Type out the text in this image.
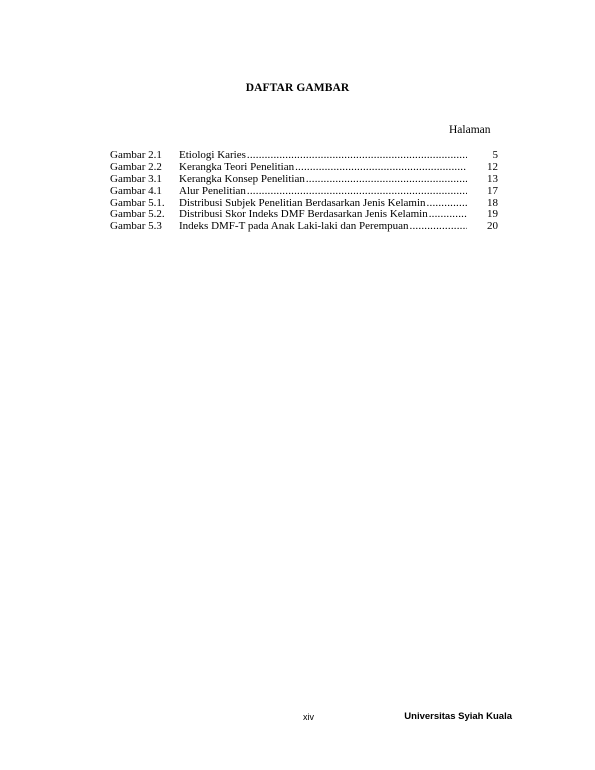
DAFTAR GAMBAR
Halaman
Gambar 2.1	Etiologi Karies .....	5
Gambar 2.2	Kerangka Teori Penelitian .....	12
Gambar 3.1	Kerangka Konsep Penelitian .....	13
Gambar 4.1	Alur Penelitian .....	17
Gambar 5.1.	Distribusi Subjek Penelitian Berdasarkan Jenis Kelamin .....	18
Gambar 5.2.	Distribusi Skor Indeks DMF Berdasarkan Jenis Kelamin .....	19
Gambar 5.3	Indeks DMF-T pada Anak Laki-laki dan Perempuan .....	20
xiv	Universitas Syiah Kuala
